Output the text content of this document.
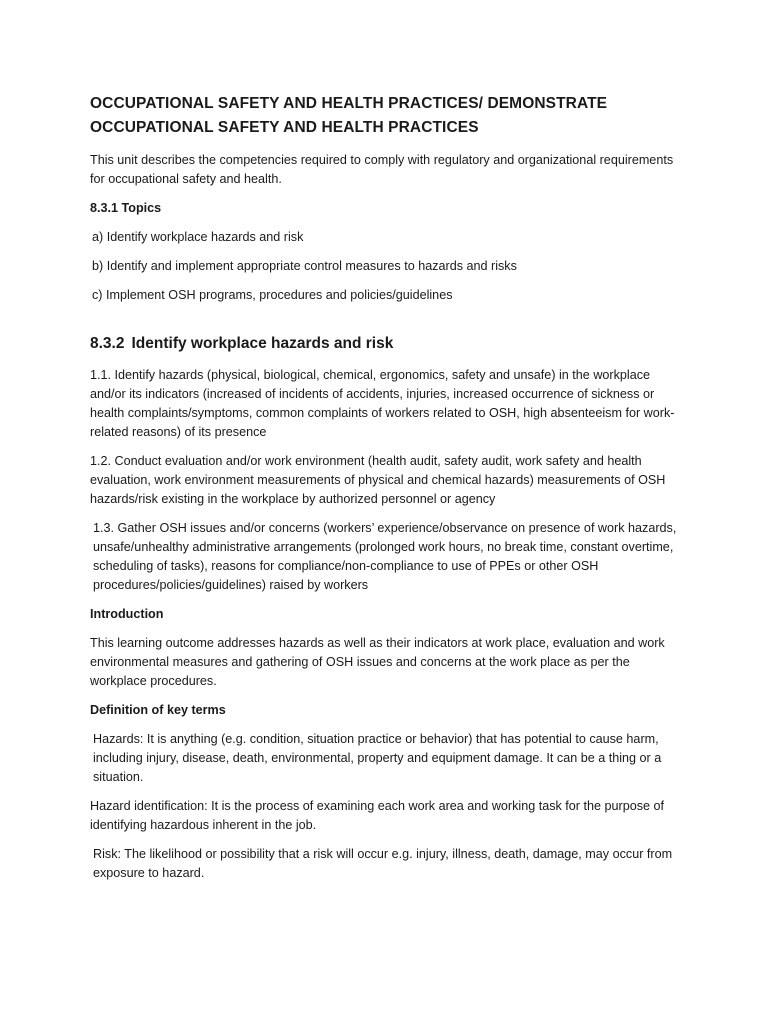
OCCUPATIONAL SAFETY AND HEALTH PRACTICES/ DEMONSTRATE
OCCUPATIONAL SAFETY AND HEALTH PRACTICES

This unit describes the competencies required to comply with regulatory and organizational requirements for occupational safety and health.

8.3.1 Topics

a) Identify workplace hazards and risk

b) Identify and implement appropriate control measures to hazards and risks

c) Implement OSH programs, procedures and policies/guidelines

8.3.2 Identify workplace hazards and risk

1.1. Identify hazards (physical, biological, chemical, ergonomics, safety and unsafe) in the workplace and/or its indicators (increased of incidents of accidents, injuries, increased occurrence of sickness or health complaints/symptoms, common complaints of workers related to OSH, high absenteeism for work-related reasons) of its presence

1.2. Conduct evaluation and/or work environment (health audit, safety audit, work safety and health evaluation, work environment measurements of physical and chemical hazards) measurements of OSH hazards/risk existing in the workplace by authorized personnel or agency

1.3. Gather OSH issues and/or concerns (workers’ experience/observance on presence of work hazards, unsafe/unhealthy administrative arrangements (prolonged work hours, no break time, constant overtime, scheduling of tasks), reasons for compliance/non-compliance to use of PPEs or other OSH procedures/policies/guidelines) raised by workers

Introduction

This learning outcome addresses hazards as well as their indicators at work place, evaluation and work environmental measures and gathering of OSH issues and concerns at the work place as per the workplace procedures.

Definition of key terms

Hazards: It is anything (e.g. condition, situation practice or behavior) that has potential to cause harm, including injury, disease, death, environmental, property and equipment damage. It can be a thing or a situation.

Hazard identification: It is the process of examining each work area and working task for the purpose of identifying hazardous inherent in the job.

Risk: The likelihood or possibility that a risk will occur e.g. injury, illness, death, damage, may occur from exposure to hazard.
